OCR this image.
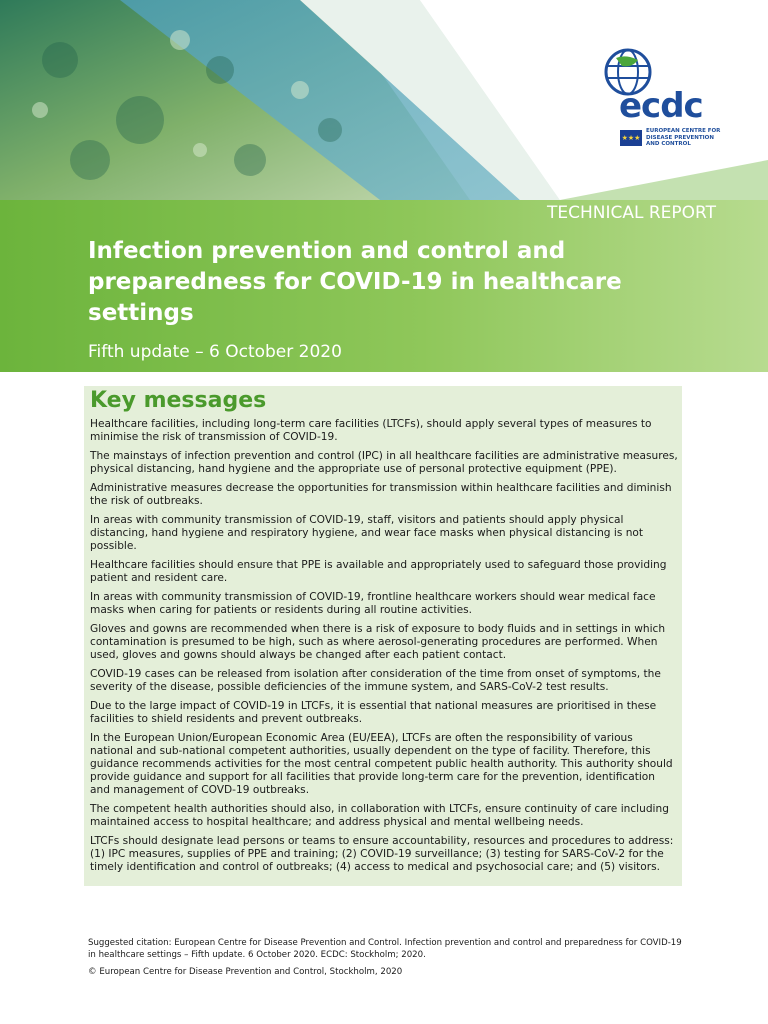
ecdc
★★★
EUROPEAN CENTRE FOR
DISEASE PREVENTION
AND CONTROL
TECHNICAL REPORT
Infection prevention and control and preparedness for COVID-19 in healthcare settings

Fifth update – 6 October 2020

Key messages

Healthcare facilities, including long-term care facilities (LTCFs), should apply several types of measures to minimise the risk of transmission of COVID-19.

The mainstays of infection prevention and control (IPC) in all healthcare facilities are administrative measures, physical distancing, hand hygiene and the appropriate use of personal protective equipment (PPE).

Administrative measures decrease the opportunities for transmission within healthcare facilities and diminish the risk of outbreaks.

In areas with community transmission of COVID-19, staff, visitors and patients should apply physical distancing, hand hygiene and respiratory hygiene, and wear face masks when physical distancing is not possible.

Healthcare facilities should ensure that PPE is available and appropriately used to safeguard those providing patient and resident care.

In areas with community transmission of COVID-19, frontline healthcare workers should wear medical face masks when caring for patients or residents during all routine activities.

Gloves and gowns are recommended when there is a risk of exposure to body fluids and in settings in which contamination is presumed to be high, such as where aerosol-generating procedures are performed. When used, gloves and gowns should always be changed after each patient contact.

COVID-19 cases can be released from isolation after consideration of the time from onset of symptoms, the severity of the disease, possible deficiencies of the immune system, and SARS-CoV-2 test results.

Due to the large impact of COVID-19 in LTCFs, it is essential that national measures are prioritised in these facilities to shield residents and prevent outbreaks.

In the European Union/European Economic Area (EU/EEA), LTCFs are often the responsibility of various national and sub-national competent authorities, usually dependent on the type of facility. Therefore, this guidance recommends activities for the most central competent public health authority. This authority should provide guidance and support for all facilities that provide long-term care for the prevention, identification and management of COVD-19 outbreaks.

The competent health authorities should also, in collaboration with LTCFs, ensure continuity of care including maintained access to hospital healthcare; and address physical and mental wellbeing needs.

LTCFs should designate lead persons or teams to ensure accountability, resources and procedures to address: (1) IPC measures, supplies of PPE and training; (2) COVID-19 surveillance; (3) testing for SARS-CoV-2 for the timely identification and control of outbreaks; (4) access to medical and psychosocial care; and (5) visitors.

Suggested citation: European Centre for Disease Prevention and Control. Infection prevention and control and preparedness for COVID-19 in healthcare settings – Fifth update. 6 October 2020. ECDC: Stockholm; 2020.

© European Centre for Disease Prevention and Control, Stockholm, 2020
